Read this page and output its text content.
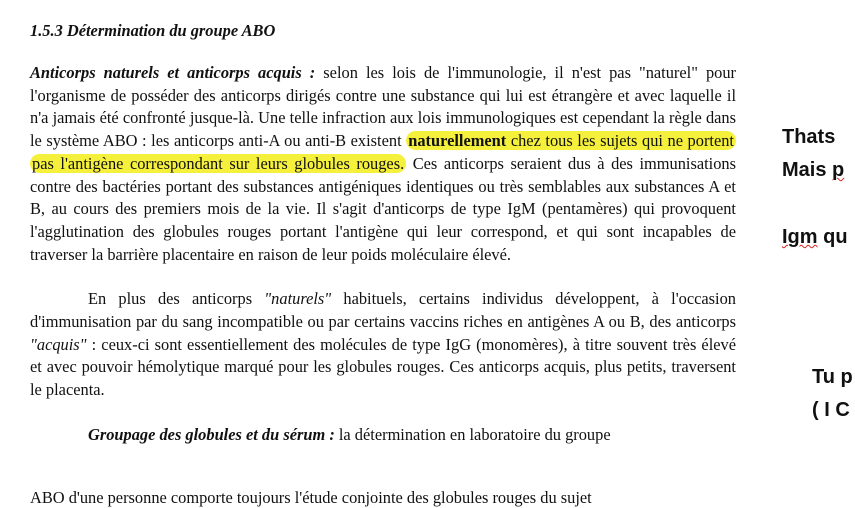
1.5.3 Détermination du groupe ABO

Anticorps naturels et anticorps acquis : selon les lois de l'immunologie, il n'est pas "naturel" pour l'organisme de posséder des anticorps dirigés contre une substance qui lui est étrangère et avec laquelle il n'a jamais été confronté jusque-là. Une telle infraction aux lois immunologiques est cependant la règle dans le système ABO : les anticorps anti-A ou anti-B existent naturellement chez tous les sujets qui ne portent pas l'antigène correspondant sur leurs globules rouges. Ces anticorps seraient dus à des immunisations contre des bactéries portant des substances antigéniques identiques ou très semblables aux substances A et B, au cours des premiers mois de la vie. Il s'agit d'anticorps de type IgM (pentamères) qui provoquent l'agglutination des globules rouges portant l'antigène qui leur correspond, et qui sont incapables de traverser la barrière placentaire en raison de leur poids moléculaire élevé.

En plus des anticorps "naturels" habituels, certains individus développent, à l'occasion d'immunisation par du sang incompatible ou par certains vaccins riches en antigènes A ou B, des anticorps "acquis" : ceux-ci sont essentiellement des molécules de type IgG (monomères), à titre souvent très élevé et avec pouvoir hémolytique marqué pour les globules rouges. Ces anticorps acquis, plus petits, traversent le placenta.

Groupage des globules et du sérum : la détermination en laboratoire du groupe

ABO d'une personne comporte toujours l'étude conjointe des globules rouges du sujet
Thats
Mais p
Igm qu
Tu p
( I C
